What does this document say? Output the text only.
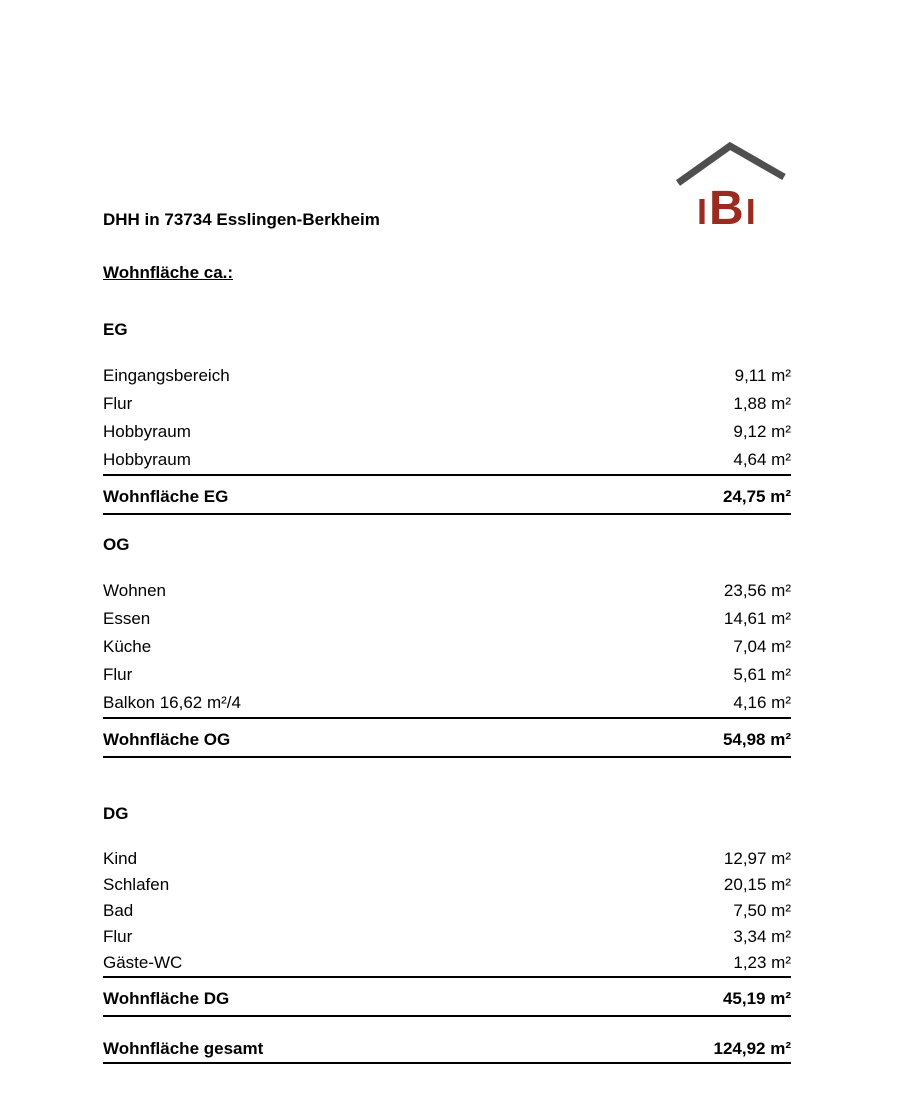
IBI
DHH in 73734 Esslingen-Berkheim
Wohnfläche ca.:
EG
Eingangsbereich	9,11 m²
Flur	1,88 m²
Hobbyraum	9,12 m²
Hobbyraum	4,64 m²
Wohnfläche EG	24,75 m²
OG
Wohnen	23,56 m²
Essen	14,61 m²
Küche	7,04 m²
Flur	5,61 m²
Balkon 16,62 m²/4	4,16 m²
Wohnfläche OG	54,98 m²
DG
Kind	12,97 m²
Schlafen	20,15 m²
Bad	7,50 m²
Flur	3,34 m²
Gäste-WC	1,23 m²
Wohnfläche DG	45,19 m²
Wohnfläche gesamt	124,92 m²
